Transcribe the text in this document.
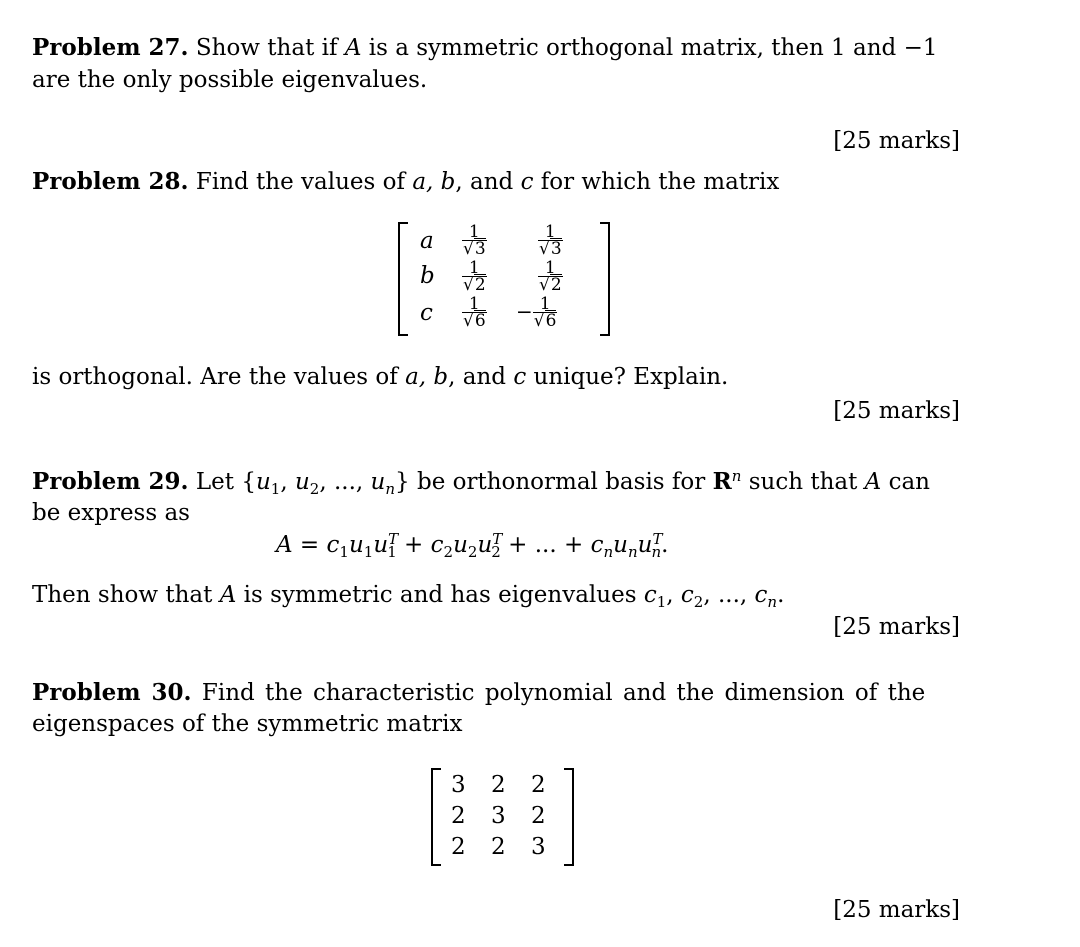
Problem 27. Show that if A is a symmetric orthogonal matrix, then 1 and −1
are the only possible eigenvalues.
[25 marks]
Problem 28. Find the values of a, b, and c for which the matrix
a
b
c
$\frac{1}{√3}$
$\frac{1}{√2}$
$\frac{1}{√6}$
$\frac{1}{√3}$
$\frac{1}{√2}$
− $\frac{1}{√6}$
is orthogonal. Are the values of a, b, and c unique? Explain.
[25 marks]
Problem 29. Let {$u_1$, $u_2$, ..., $u_n$} be orthonormal basis for $R^n$ such that A can
be express as
$A = c_1u_1u^T_1 + c_2u_2u^T_2$ + ... + $c_nu_nu^T_n$.
Then show that A is symmetric and has eigenvalues $c_1$, $c_2$, ..., $c_n$.
[25 marks]
Problem 30. Find the characteristic polynomial and the dimension of the
eigenspaces of the symmetric matrix
3 2 2
2 3 2
2 2 3
[25 marks]
